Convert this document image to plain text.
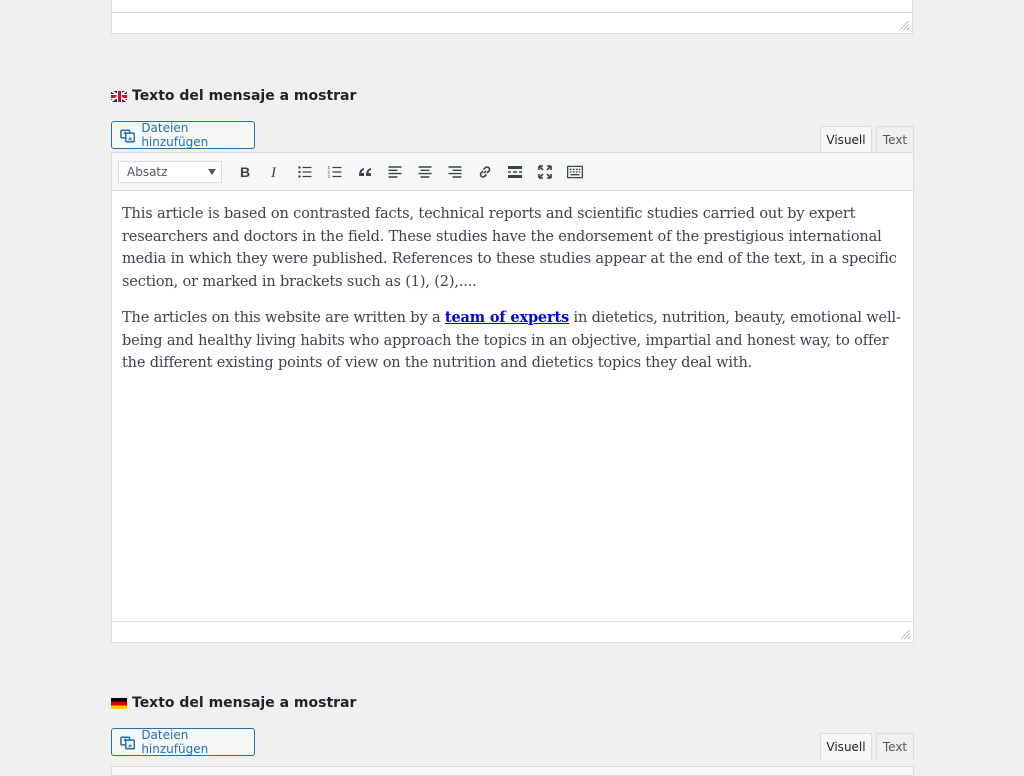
Texto del mensaje a mostrar
Dateien hinzufügen	Visuell Text
Absatz	B I	1
2
3

This article is based on contrasted facts, technical reports and scientific studies carried out by expert researchers and doctors in the field. These studies have the endorsement of the prestigious international media in which they were published. References to these studies appear at the end of the text, in a specific section, or marked in brackets such as (1), (2),....

The articles on this website are written by a team of experts in dietetics, nutrition, beauty, emotional well-being and healthy living habits who approach the topics in an objective, impartial and honest way, to offer the different existing points of view on the nutrition and dietetics topics they deal with.

Texto del mensaje a mostrar
Dateien hinzufügen	Visuell Text
